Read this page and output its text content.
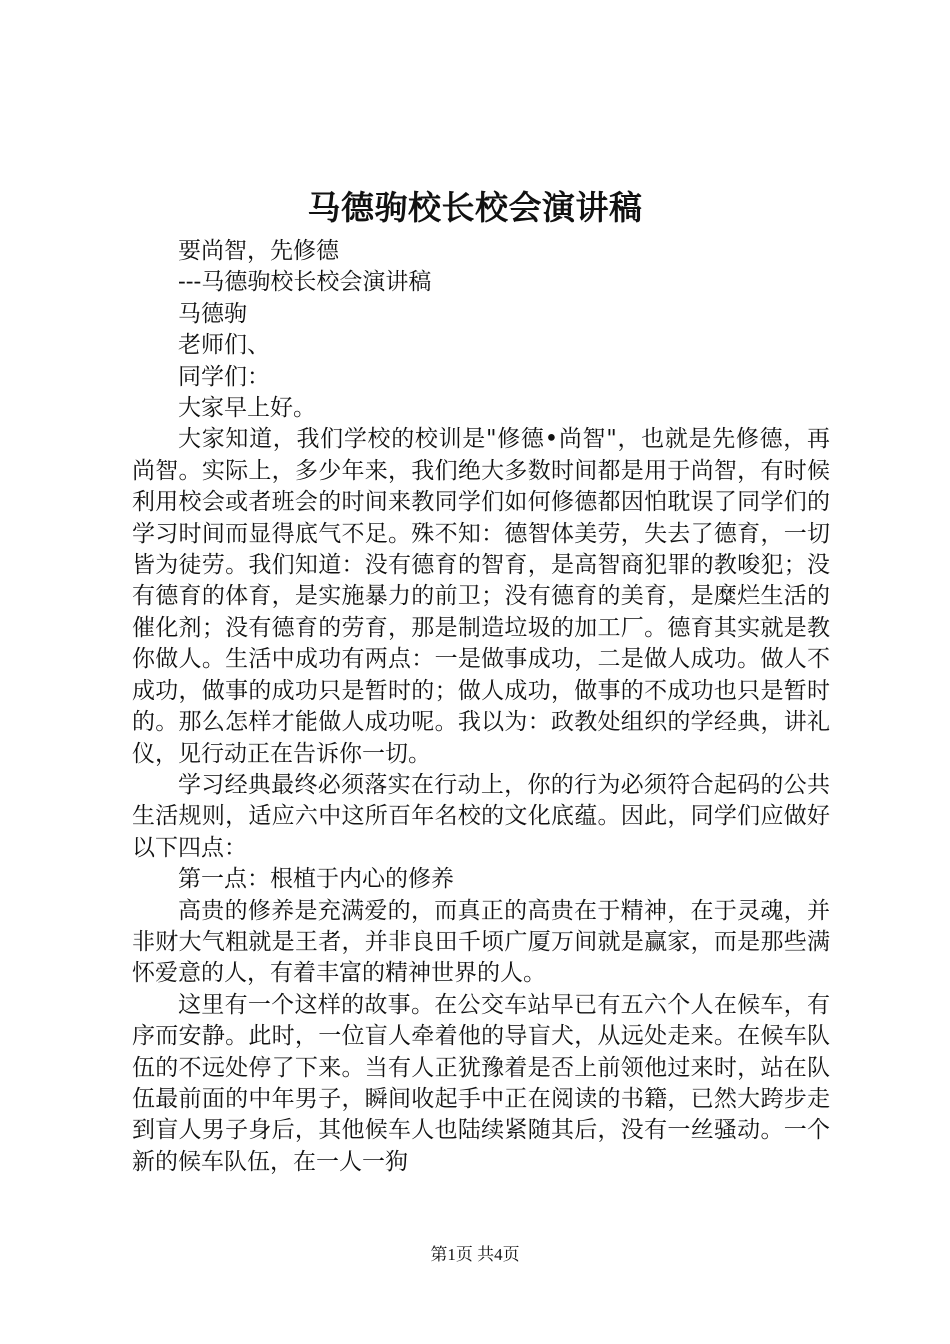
马德驹校长校会演讲稿

要尚智，先修德

---马德驹校长校会演讲稿

马德驹

老师们、

同学们：

大家早上好。

大家知道，我们学校的校训是"修德•尚智"，也就是先修德，再尚智。实际上，多少年来，我们绝大多数时间都是用于尚智，有时候利用校会或者班会的时间来教同学们如何修德都因怕耽误了同学们的学习时间而显得底气不足。殊不知：德智体美劳，失去了德育，一切皆为徒劳。我们知道：没有德育的智育，是高智商犯罪的教唆犯；没有德育的体育，是实施暴力的前卫；没有德育的美育，是糜烂生活的催化剂；没有德育的劳育，那是制造垃圾的加工厂。德育其实就是教你做人。生活中成功有两点：一是做事成功，二是做人成功。做人不成功，做事的成功只是暂时的；做人成功，做事的不成功也只是暂时的。那么怎样才能做人成功呢。我以为：政教处组织的学经典，讲礼仪，见行动正在告诉你一切。

学习经典最终必须落实在行动上，你的行为必须符合起码的公共生活规则，适应六中这所百年名校的文化底蕴。因此，同学们应做好以下四点：

第一点：根植于内心的修养

高贵的修养是充满爱的，而真正的高贵在于精神，在于灵魂，并非财大气粗就是王者，并非良田千顷广厦万间就是赢家，而是那些满怀爱意的人，有着丰富的精神世界的人。

这里有一个这样的故事。在公交车站早已有五六个人在候车，有序而安静。此时，一位盲人牵着他的导盲犬，从远处走来。在候车队伍的不远处停了下来。当有人正犹豫着是否上前领他过来时，站在队伍最前面的中年男子，瞬间收起手中正在阅读的书籍，已然大跨步走到盲人男子身后，其他候车人也陆续紧随其后，没有一丝骚动。一个新的候车队伍，在一人一狗

第1页 共4页
